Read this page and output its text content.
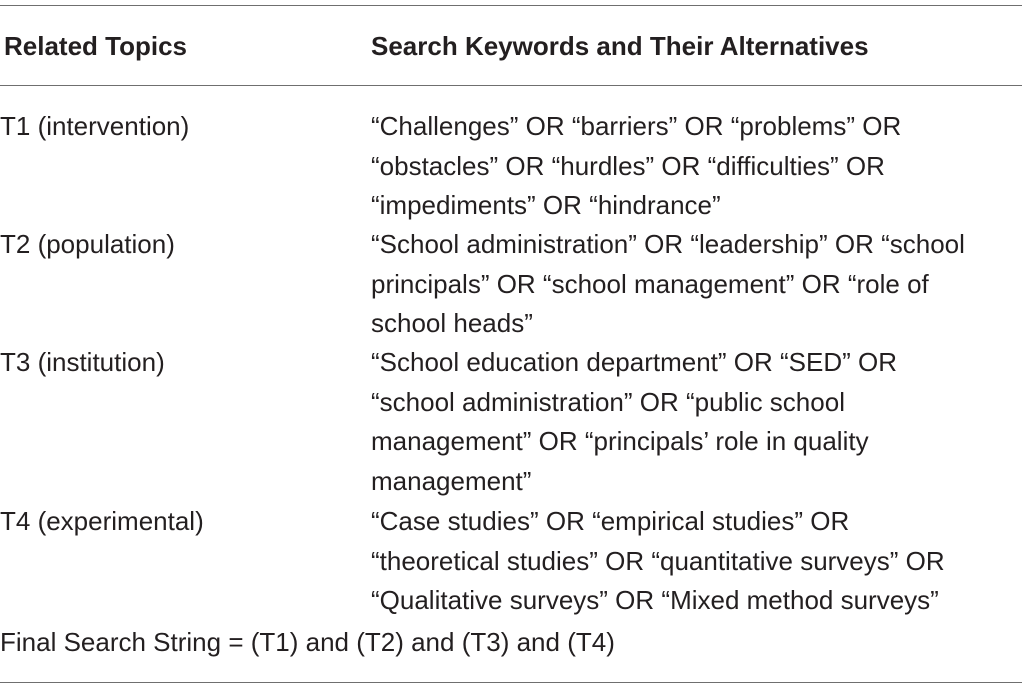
Related Topics	Search Keywords and Their Alternatives
T1 (intervention)	“Challenges” OR “barriers” OR “problems” OR
“obstacles” OR “hurdles” OR “difficulties” OR
“impediments” OR “hindrance”
T2 (population)	“School administration” OR “leadership” OR “school
principals” OR “school management” OR “role of
school heads”
T3 (institution)	“School education department” OR “SED” OR
“school administration” OR “public school
management” OR “principals’ role in quality
management”
T4 (experimental)	“Case studies” OR “empirical studies” OR
“theoretical studies” OR “quantitative surveys” OR
“Qualitative surveys” OR “Mixed method surveys”
Final Search String = (T1) and (T2) and (T3) and (T4)
